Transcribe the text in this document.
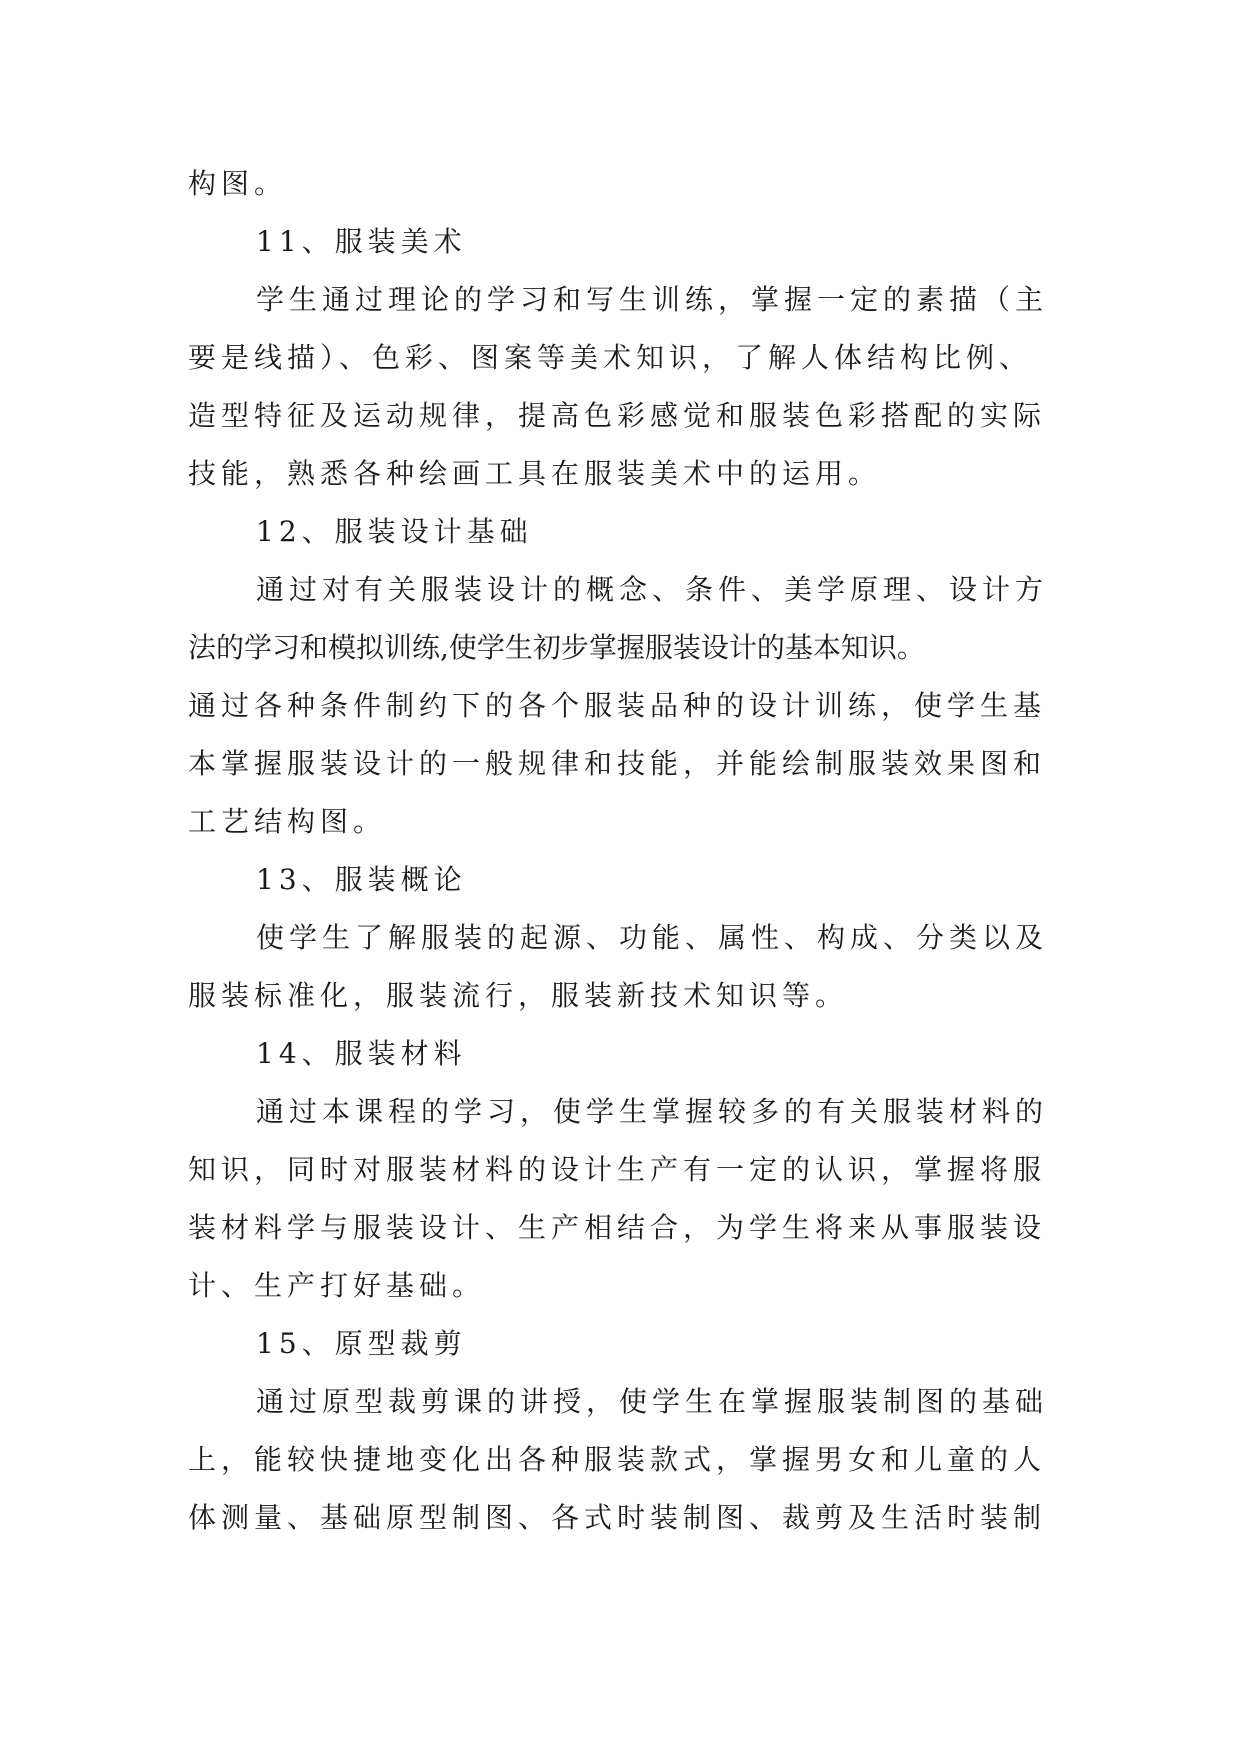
构图。
11、服装美术
学生通过理论的学习和写生训练，掌握一定的素描（主
要是线描）、色彩、图案等美术知识，了解人体结构比例、
造型特征及运动规律，提高色彩感觉和服装色彩搭配的实际
技能，熟悉各种绘画工具在服装美术中的运用。
12、服装设计基础
通过对有关服装设计的概念、条件、美学原理、设计方
法的学习和模拟训练,使学生初步掌握服装设计的基本知识。
通过各种条件制约下的各个服装品种的设计训练，使学生基
本掌握服装设计的一般规律和技能，并能绘制服装效果图和
工艺结构图。
13、服装概论
使学生了解服装的起源、功能、属性、构成、分类以及
服装标准化，服装流行，服装新技术知识等。
14、服装材料
通过本课程的学习，使学生掌握较多的有关服装材料的
知识，同时对服装材料的设计生产有一定的认识，掌握将服
装材料学与服装设计、生产相结合，为学生将来从事服装设
计、生产打好基础。
15、原型裁剪
通过原型裁剪课的讲授，使学生在掌握服装制图的基础
上，能较快捷地变化出各种服装款式，掌握男女和儿童的人
体测量、基础原型制图、各式时装制图、裁剪及生活时装制
